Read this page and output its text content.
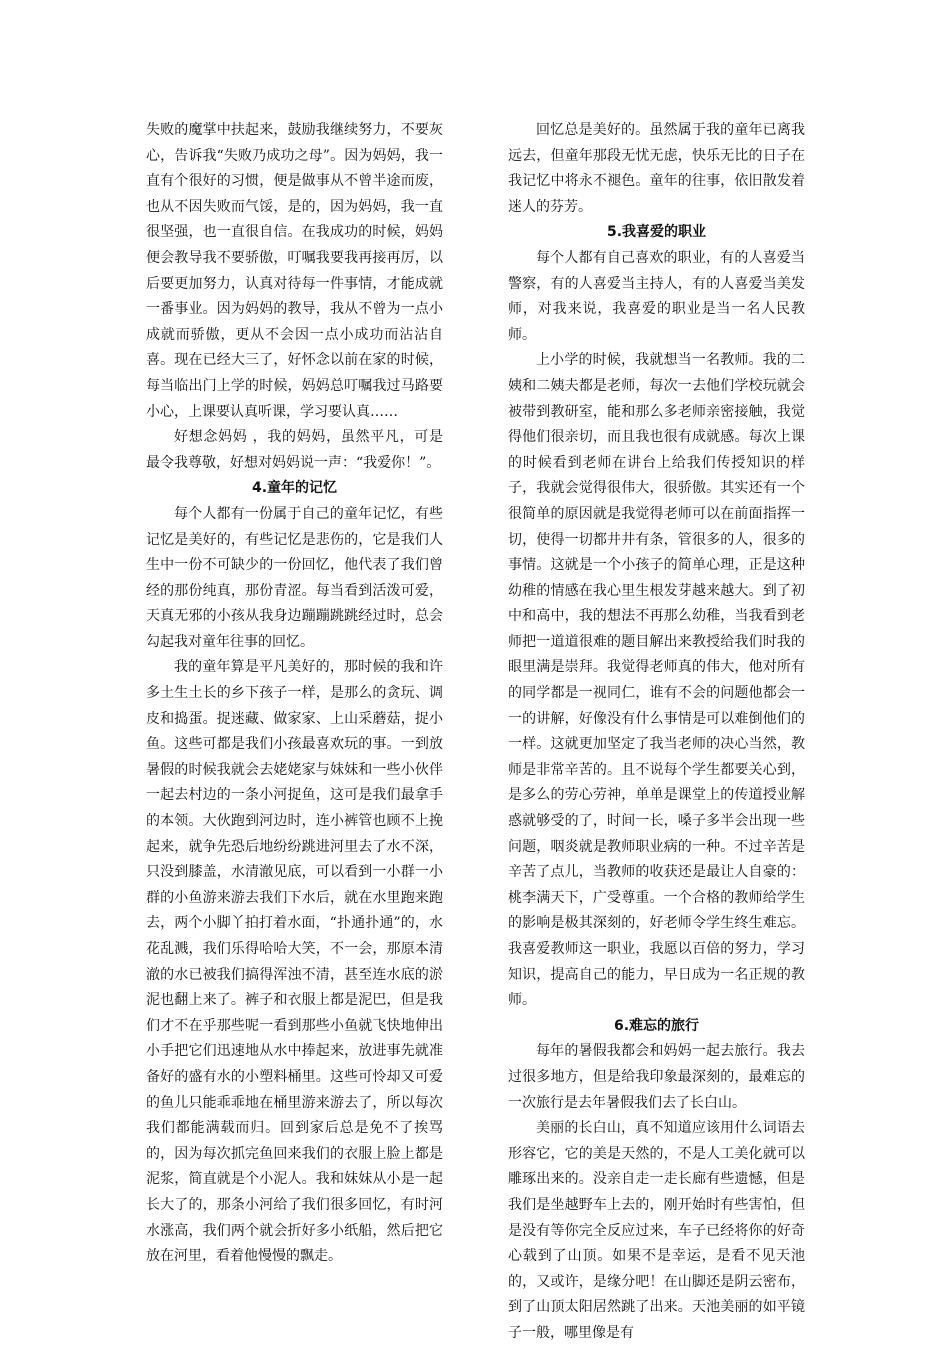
失败的魔掌中扶起来，鼓励我继续努力，不要灰心，告诉我“失败乃成功之母”。因为妈妈，我一直有个很好的习惯，便是做事从不曾半途而废，也从不因失败而气馁，是的，因为妈妈，我一直很坚强，也一直很自信。在我成功的时候，妈妈便会教导我不要骄傲，叮嘱我要我再接再厉，以后要更加努力，认真对待每一件事情，才能成就一番事业。因为妈妈的教导，我从不曾为一点小成就而骄傲，更从不会因一点小成功而沾沾自喜。现在已经大三了，好怀念以前在家的时候，每当临出门上学的时候，妈妈总叮嘱我过马路要小心，上课要认真听课，学习要认真……

好想念妈妈 ，我的妈妈，虽然平凡，可是最令我尊敬，好想对妈妈说一声：“我爱你！”。

4.童年的记忆

每个人都有一份属于自己的童年记忆，有些记忆是美好的，有些记忆是悲伤的，它是我们人生中一份不可缺少的一份回忆，他代表了我们曾经的那份纯真，那份青涩。每当看到活泼可爱，天真无邪的小孩从我身边蹦蹦跳跳经过时，总会勾起我对童年往事的回忆。

我的童年算是平凡美好的，那时候的我和许多土生土长的乡下孩子一样，是那么的贪玩、调皮和捣蛋。捉迷藏、做家家、上山采蘑菇，捉小鱼。这些可都是我们小孩最喜欢玩的事。一到放暑假的时候我就会去姥姥家与妹妹和一些小伙伴一起去村边的一条小河捉鱼，这可是我们最拿手的本领。大伙跑到河边时，连小裤管也顾不上挽起来，就争先恐后地纷纷跳进河里去了水不深，只没到膝盖，水清澈见底，可以看到一小群一小群的小鱼游来游去我们下水后，就在水里跑来跑去，两个小脚丫拍打着水面，“扑通扑通”的，水花乱溅，我们乐得哈哈大笑，不一会，那原本清澈的水已被我们搞得浑浊不清，甚至连水底的淤泥也翻上来了。裤子和衣服上都是泥巴，但是我们才不在乎那些呢一看到那些小鱼就飞快地伸出小手把它们迅速地从水中捧起来，放进事先就准备好的盛有水的小塑料桶里。这些可怜却又可爱的鱼儿只能乖乖地在桶里游来游去了，所以每次我们都能满载而归。回到家后总是免不了挨骂的，因为每次抓完鱼回来我们的衣服上脸上都是泥浆，简直就是个小泥人。我和妹妹从小是一起长大了的，那条小河给了我们很多回忆，有时河水涨高，我们两个就会折好多小纸船，然后把它放在河里，看着他慢慢的飘走。

回忆总是美好的。虽然属于我的童年已离我远去，但童年那段无忧无虑，快乐无比的日子在我记忆中将永不褪色。童年的往事，依旧散发着迷人的芬芳。

5.我喜爱的职业

每个人都有自己喜欢的职业，有的人喜爱当警察，有的人喜爱当主持人，有的人喜爱当美发师，对我来说，我喜爱的职业是当一名人民教师。

上小学的时候，我就想当一名教师。我的二姨和二姨夫都是老师，每次一去他们学校玩就会被带到教研室，能和那么多老师亲密接触，我觉得他们很亲切，而且我也很有成就感。每次上课的时候看到老师在讲台上给我们传授知识的样子，我就会觉得很伟大，很骄傲。其实还有一个很简单的原因就是我觉得老师可以在前面指挥一切，使得一切都井井有条，管很多的人，很多的事情。这就是一个小孩子的简单心理，正是这种幼稚的情感在我心里生根发芽越来越大。到了初中和高中，我的想法不再那么幼稚，当我看到老师把一道道很难的题目解出来教授给我们时我的眼里满是崇拜。我觉得老师真的伟大，他对所有的同学都是一视同仁，谁有不会的问题他都会一一的讲解，好像没有什么事情是可以难倒他们的一样。这就更加坚定了我当老师的决心当然，教师是非常辛苦的。且不说每个学生都要关心到，是多么的劳心劳神，单单是课堂上的传道授业解惑就够受的了，时间一长，嗓子多半会出现一些问题，咽炎就是教师职业病的一种。不过辛苦是辛苦了点儿，当教师的收获还是最让人自豪的：桃李满天下，广受尊重。一个合格的教师给学生的影响是极其深刻的，好老师令学生终生难忘。我喜爱教师这一职业，我愿以百倍的努力，学习知识，提高自己的能力，早日成为一名正规的教师。

6.难忘的旅行

每年的暑假我都会和妈妈一起去旅行。我去过很多地方，但是给我印象最深刻的，最难忘的一次旅行是去年暑假我们去了长白山。

美丽的长白山，真不知道应该用什么词语去形容它，它的美是天然的，不是人工美化就可以雕琢出来的。没亲自走一走长廊有些遗憾，但是我们是坐越野车上去的，刚开始时有些害怕，但是没有等你完全反应过来，车子已经将你的好奇心载到了山顶。如果不是幸运，是看不见天池的，又或许，是缘分吧！在山脚还是阴云密布，到了山顶太阳居然跳了出来。天池美丽的如平镜子一般，哪里像是有
